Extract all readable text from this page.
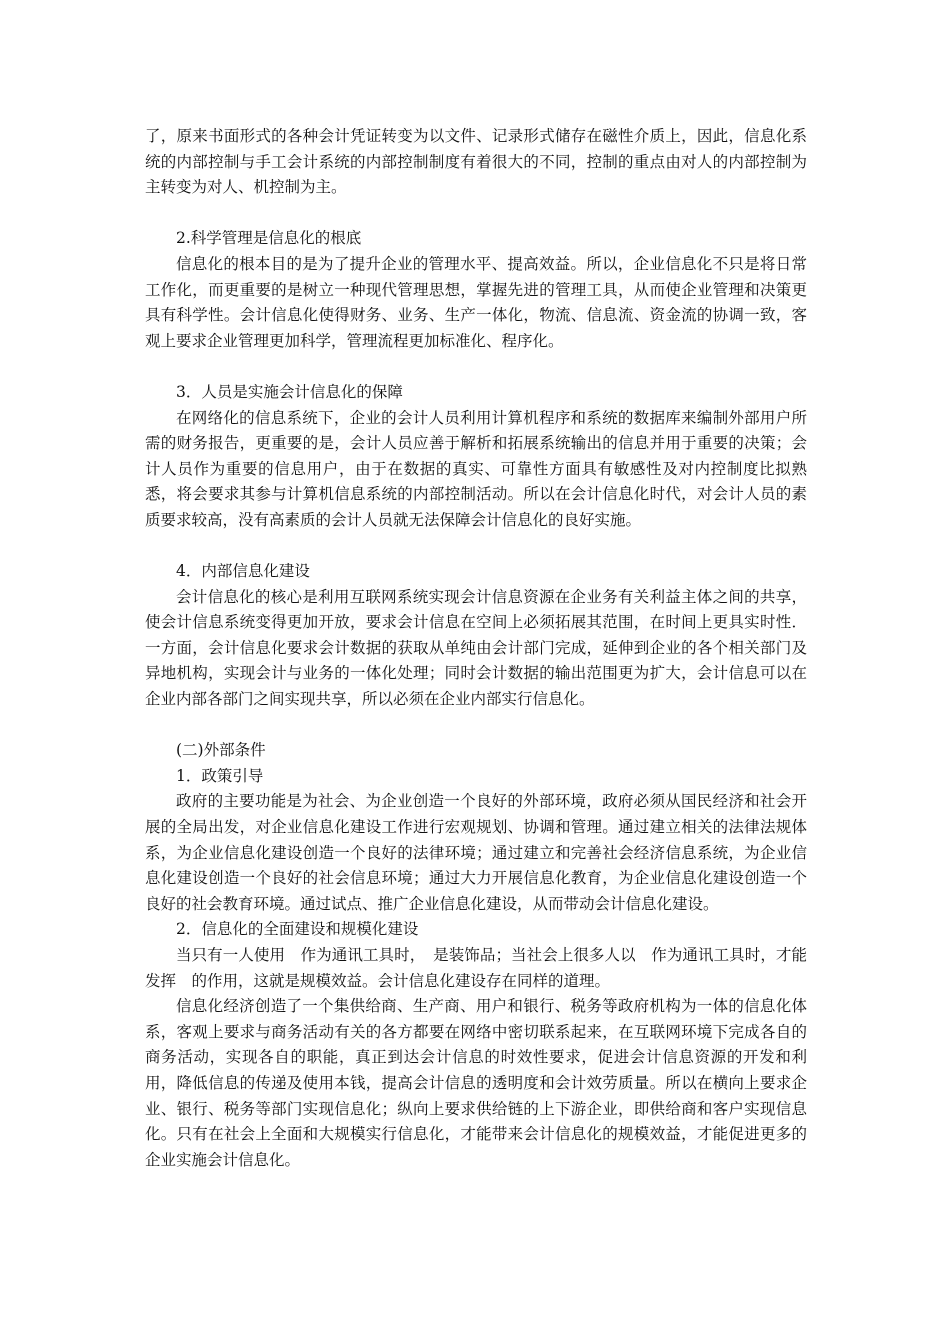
了，原来书面形式的各种会计凭证转变为以文件、记录形式储存在磁性介质上，因此，信息化系统的内部控制与手工会计系统的内部控制制度有着很大的不同，控制的重点由对人的内部控制为主转变为对人、机控制为主。

2.科学管理是信息化的根底

信息化的根本目的是为了提升企业的管理水平、提高效益。所以，企业信息化不只是将日常工作化，而更重要的是树立一种现代管理思想，掌握先进的管理工具，从而使企业管理和决策更具有科学性。会计信息化使得财务、业务、生产一体化，物流、信息流、资金流的协调一致，客观上要求企业管理更加科学，管理流程更加标准化、程序化。

3．人员是实施会计信息化的保障

在网络化的信息系统下，企业的会计人员利用计算机程序和系统的数据库来编制外部用户所需的财务报告，更重要的是，会计人员应善于解析和拓展系统输出的信息并用于重要的决策；会计人员作为重要的信息用户，由于在数据的真实、可靠性方面具有敏感性及对内控制度比拟熟悉，将会要求其参与计算机信息系统的内部控制活动。所以在会计信息化时代，对会计人员的素质要求较高，没有高素质的会计人员就无法保障会计信息化的良好实施。

4．内部信息化建设

会计信息化的核心是利用互联网系统实现会计信息资源在企业务有关利益主体之间的共享，使会计信息系统变得更加开放，要求会计信息在空间上必须拓展其范围，在时间上更具实时性．一方面，会计信息化要求会计数据的获取从单纯由会计部门完成，延伸到企业的各个相关部门及异地机构，实现会计与业务的一体化处理；同时会计数据的输出范围更为扩大，会计信息可以在企业内部各部门之间实现共享，所以必须在企业内部实行信息化。

(二)外部条件

1．政策引导

政府的主要功能是为社会、为企业创造一个良好的外部环境，政府必须从国民经济和社会开展的全局出发，对企业信息化建设工作进行宏观规划、协调和管理。通过建立相关的法律法规体系，为企业信息化建设创造一个良好的法律环境；通过建立和完善社会经济信息系统，为企业信息化建设创造一个良好的社会信息环境；通过大力开展信息化教育，为企业信息化建设创造一个良好的社会教育环境。通过试点、推广企业信息化建设，从而带动会计信息化建设。

2．信息化的全面建设和规模化建设

当只有一人使用　作为通讯工具时，　是装饰品；当社会上很多人以　作为通讯工具时，才能发挥　的作用，这就是规模效益。会计信息化建设存在同样的道理。

信息化经济创造了一个集供给商、生产商、用户和银行、税务等政府机构为一体的信息化体系，客观上要求与商务活动有关的各方都要在网络中密切联系起来，在互联网环境下完成各自的商务活动，实现各自的职能，真正到达会计信息的时效性要求，促进会计信息资源的开发和利用，降低信息的传递及使用本钱，提高会计信息的透明度和会计效劳质量。所以在横向上要求企业、银行、税务等部门实现信息化；纵向上要求供给链的上下游企业，即供给商和客户实现信息化。只有在社会上全面和大规模实行信息化，才能带来会计信息化的规模效益，才能促进更多的企业实施会计信息化。
